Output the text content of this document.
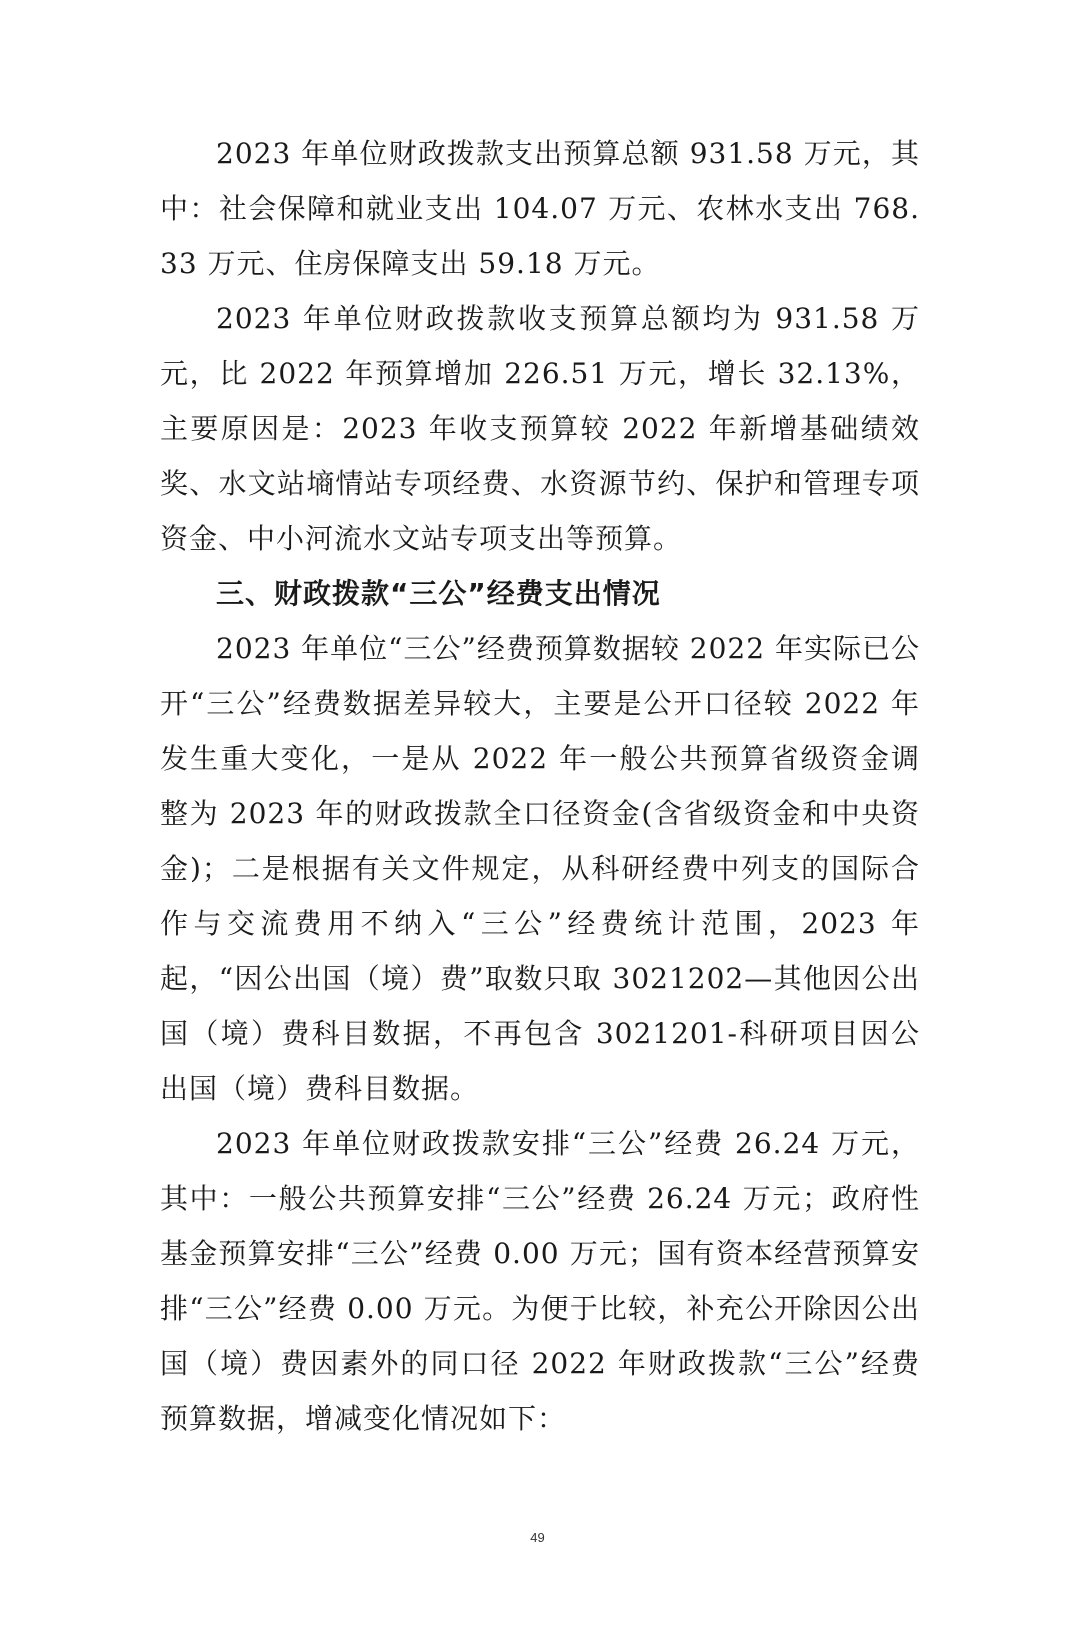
2023 年单位财政拨款支出预算总额 931.58 万元，其中：社会保障和就业支出 104.07 万元、农林水支出 768.33 万元、住房保障支出 59.18 万元。

2023 年单位财政拨款收支预算总额均为 931.58 万元，比 2022 年预算增加 226.51 万元，增长 32.13%，主要原因是：2023 年收支预算较 2022 年新增基础绩效奖、水文站墒情站专项经费、水资源节约、保护和管理专项资金、中小河流水文站专项支出等预算。

三、财政拨款“三公”经费支出情况

2023 年单位“三公”经费预算数据较 2022 年实际已公开“三公”经费数据差异较大，主要是公开口径较 2022 年发生重大变化，一是从 2022 年一般公共预算省级资金调整为 2023 年的财政拨款全口径资金(含省级资金和中央资金)；二是根据有关文件规定，从科研经费中列支的国际合作与交流费用不纳入“三公”经费统计范围，2023 年起，“因公出国（境）费”取数只取 3021202—其他因公出国（境）费科目数据，不再包含 3021201-科研项目因公出国（境）费科目数据。

2023 年单位财政拨款安排“三公”经费 26.24 万元，其中：一般公共预算安排“三公”经费 26.24 万元；政府性基金预算安排“三公”经费 0.00 万元；国有资本经营预算安排“三公”经费 0.00 万元。为便于比较，补充公开除因公出国（境）费因素外的同口径 2022 年财政拨款“三公”经费预算数据，增减变化情况如下：

49
